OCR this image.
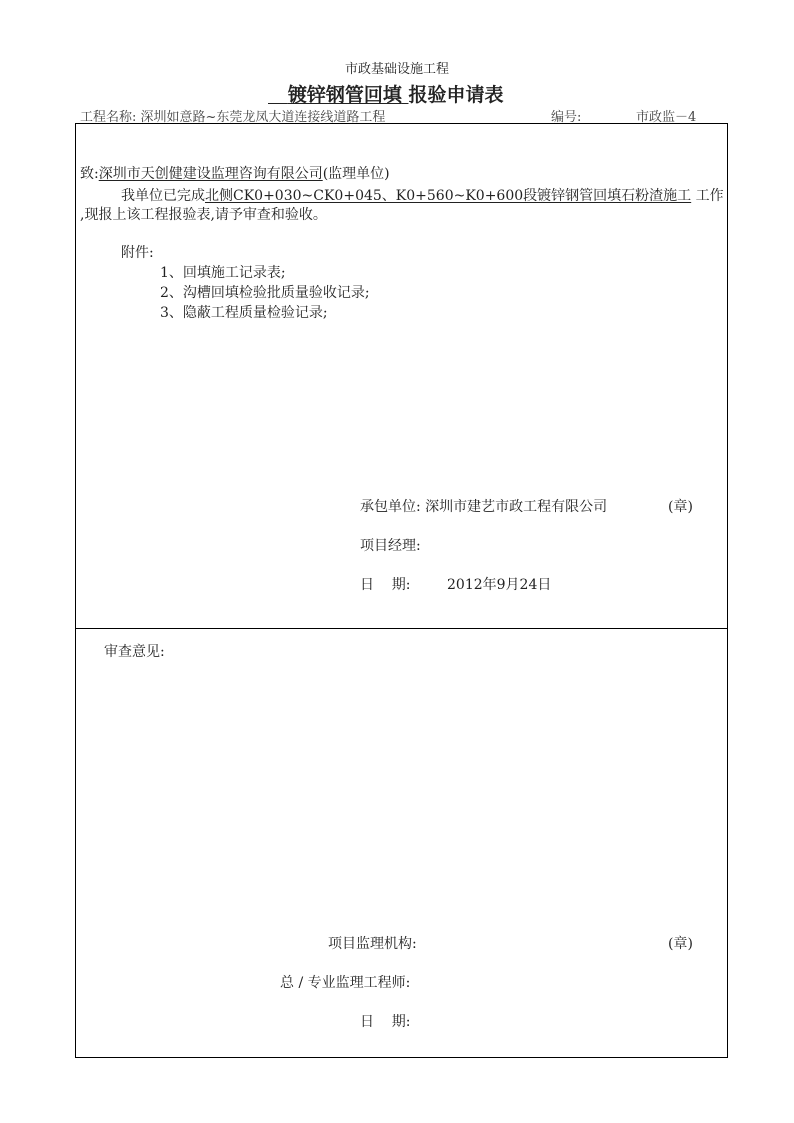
市政基础设施工程
镀锌钢管回填 报验申请表
工程名称: 深圳如意路~东莞龙凤大道连接线道路工程	编号:	市政监－4
致:深圳市天创健建设监理咨询有限公司(监理单位)
我单位已完成北侧CK0+030~CK0+045、K0+560~K0+600段镀锌钢管回填石粉渣施工 工作
,现报上该工程报验表,请予审查和验收。
附件:
1、回填施工记录表;
2、沟槽回填检验批质量验收记录;
3、隐蔽工程质量检验记录;
承包单位: 深圳市建艺市政工程有限公司	(章)
项目经理:
日    期:	2012年9月24日
审查意见:
项目监理机构:	(章)
总 / 专业监理工程师:
日    期:
